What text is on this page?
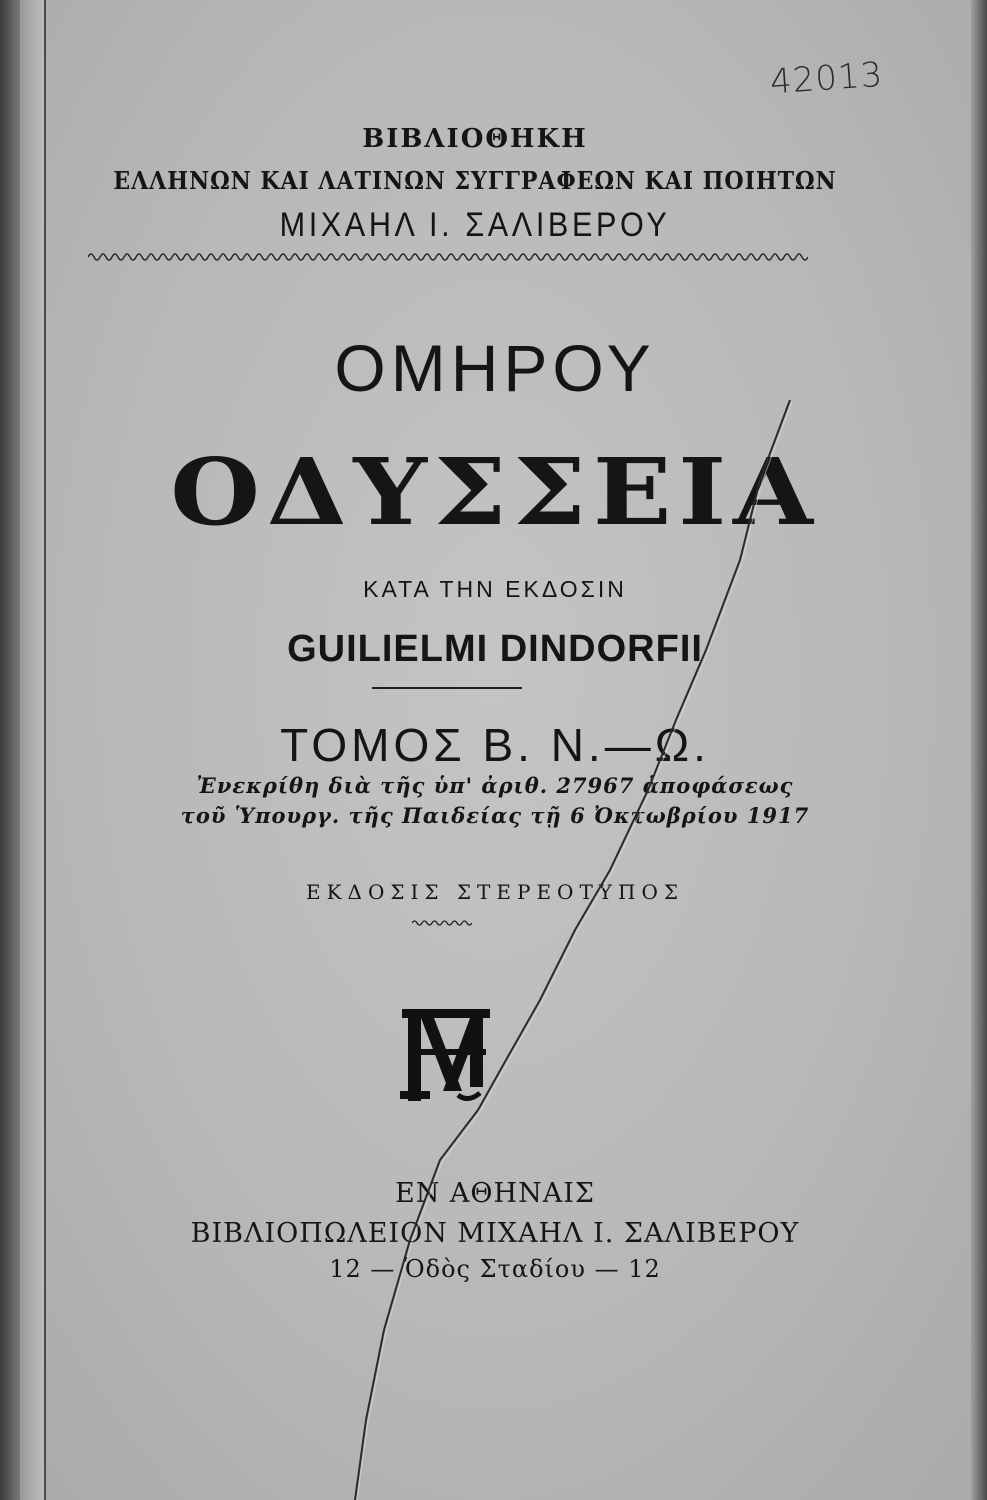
42013
ΒΙΒΛΙΟΘΗΚΗ
ΕΛΛΗΝΩΝ ΚΑΙ ΛΑΤΙΝΩΝ ΣΥΓΓΡΑΦΕΩΝ ΚΑΙ ΠΟΙΗΤΩΝ
ΜΙΧΑΗΛ Ι. ΣΑΛΙΒΕΡΟΥ
ΟΜΗΡΟΥ
ΟΔΥΣΣΕΙΑ
ΚΑΤΑ ΤΗΝ ΕΚΔΟΣΙΝ
GUILIELMI DINDORFII
ΤΟΜΟΣ Β. Ν.—Ω.
Ἐνεκρίθη διὰ τῆς ὑπ' ἀριθ. 27967 ἀποφάσεως
τοῦ Ὑπουργ. τῆς Παιδείας τῇ 6 Ὀκτωβρίου 1917
ΕΚΔΟΣΙΣ ΣΤΕΡΕΟΤΥΠΟΣ
ΕΝ ΑΘΗΝΑΙΣ
ΒΙΒΛΙΟΠΩΛΕΙΟΝ ΜΙΧΑΗΛ Ι. ΣΑΛΙΒΕΡΟΥ
12 — Ὁδὸς Σταδίου — 12
